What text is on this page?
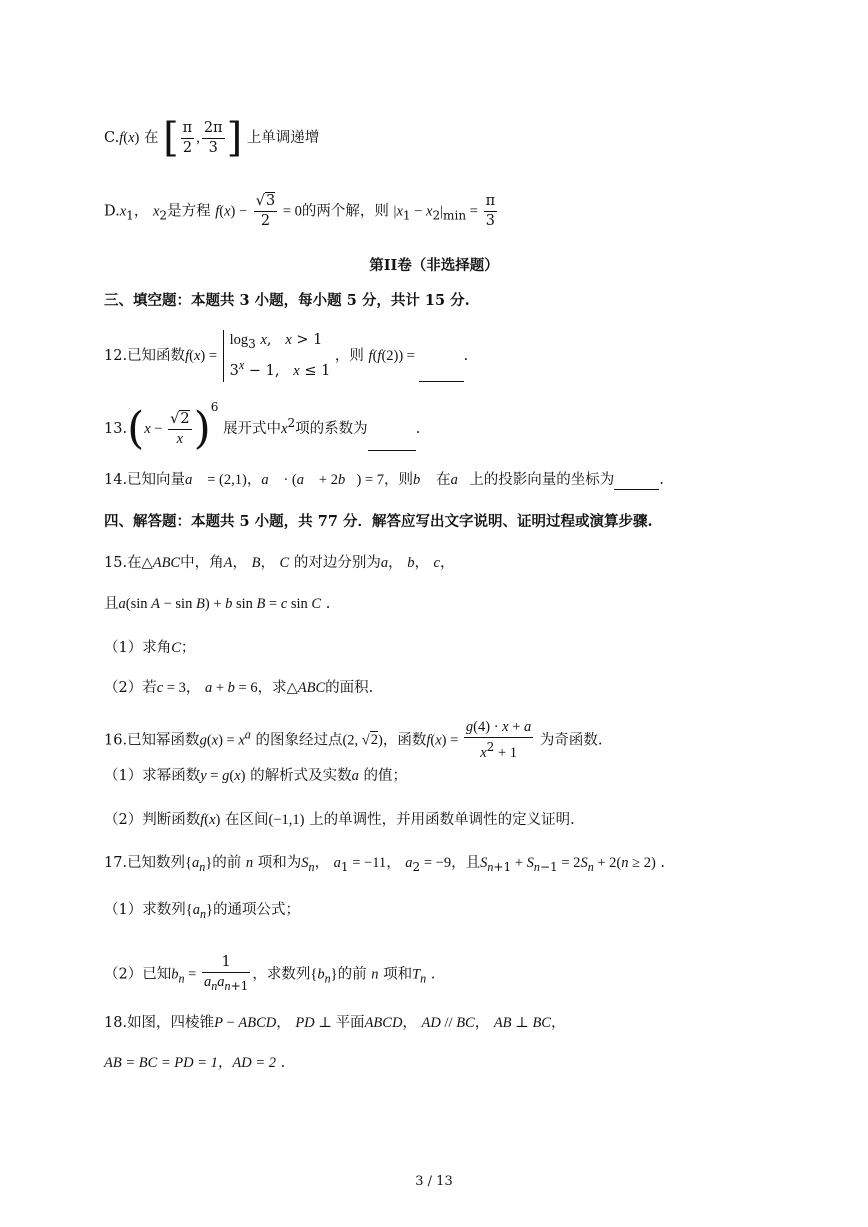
C.f(x) 在 [ $\frac{\pi}{2}$ , $\frac{2\pi}{3}$ ] 上单调递增
$D.x_1$， $x_2$是方程 $f(x) - \frac{√3}{2} = 0$的两个解，则 $|x_1 - x_2|_{min} = \frac{\pi}{3}$
第II卷（非选择题）
三、填空题：本题共 3 小题，每小题 5 分，共计 15 分.
12.已知函数f(x) =
$\log_3 x$,   x > 1
$3^x - 1$,   x ≤ 1
，则 f(f(2)) =	.
$13.(x - \frac{√2}{x} )^6$ 展开式中$x^2$项的系数为	.
14.已知向量a⃗ = (2,1)，a⃗ · (a⃗ + 2b⃗) = 7，则b⃗ 在a⃗上的投影向量的坐标为	.
四、解答题：本题共 5 小题，共 77 分．解答应写出文字说明、证明过程或演算步骤.
15.在△ABC中，角A， B， C 的对边分别为a， b， c，
且a(sin A − sin B) + b sin B = c sin C .
（1）求角C；
（2）若c = 3， a + b = 6，求△ABC的面积.
16.已知幂函数$g(x) = x^a$ 的图象经过点(2, √2)，函数$f(x) = \frac{g(4) \cdot x + a}{x^2 + 1}$ 为奇函数.
（1）求幂函数y = g(x) 的解析式及实数a 的值；
（2）判断函数f(x) 在区间(−1,1) 上的单调性，并用函数单调性的定义证明.
17.已知数列$\{a_n\}$的前 n 项和为$S_n$， $a_1 = -11$， $a_2 = -9$，且$S_{n+1} + S_{n-1} = 2S_n + 2(n \ge 2)$ .
（1）求数列$\{a_n\}$的通项公式；
（2）已知$b_n = \frac{1}{a_na_{n+1}}$ ，求数列$\{b_n\}$的前 n 项和$T_n$ .
18.如图，四棱锥P − ABCD， PD ⊥ 平面ABCD， AD // BC， AB ⊥ BC，
AB = BC = PD = 1，AD = 2 .
3 / 13
